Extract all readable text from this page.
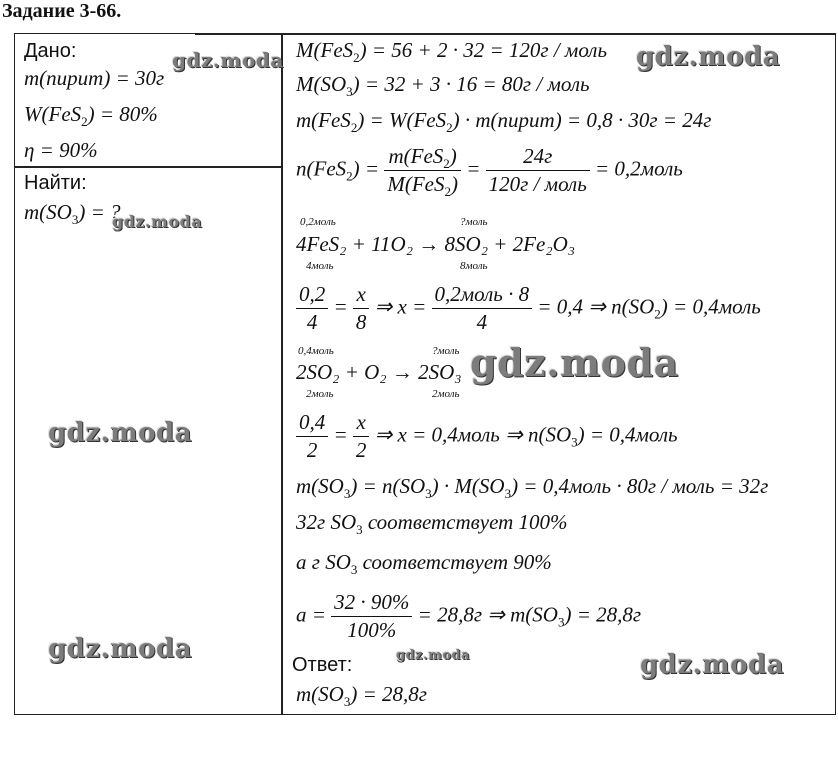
Задание 3-66.
Дано:
m(пирит) = 30г
W(FeS$_2$) = 80%
η = 90%
Найти:
$m(SO_3)$ = ?
M(FeS$_2$) = 56 + 2 · 32 = 120г / моль
$M(SO_3) = 32 + 3 \cdot 16 = 80г$ / моль
m(FeS$_2$) = W(FeS$_2$) · m(пирит) = 0,8 · 30г = 24г
$n(FeS_2) = \frac{m(FeS_2)}{M(FeS_2)} = \frac{24г}{\text{120г / моль}}$ = 0,2моль
0,2моль
4моль
?моль
8моль
4FeS₂ + 11O₂ → 8SO₂ + 2Fe₂O₃
$\frac{0,2}{4} = \frac{x}{8}$ ⇒ $x = \frac{\text{0,2моль · 8}}{4} = 0,4$ ⇒ $n(SO_2)$ = 0,4моль
0,4моль
2моль
?моль
2моль
2SO₂ + O₂ → 2SO₃
$\frac{0,4}{2} = \frac{x}{2}$ ⇒ x = 0,4моль ⇒ $n(SO_3)$ = 0,4моль
$m(SO_3) = n(SO_3) \cdot M(SO_3)$ = 0,4моль · 80г / моль = 32г
32г $SO_3$ соответствует 100%
а г $SO_3$ соответствует 90%
$а = \frac{32 \cdot 90\%}{100\%} = 28,8г$ ⇒ $m(SO_3) = 28,8г$
Ответ:
$m(SO_3) = 28,8г$
gdz.moda	gdz.moda
gdz.moda
gdz.moda
gdz.moda
gdz.moda	gdz.moda	gdz.moda
